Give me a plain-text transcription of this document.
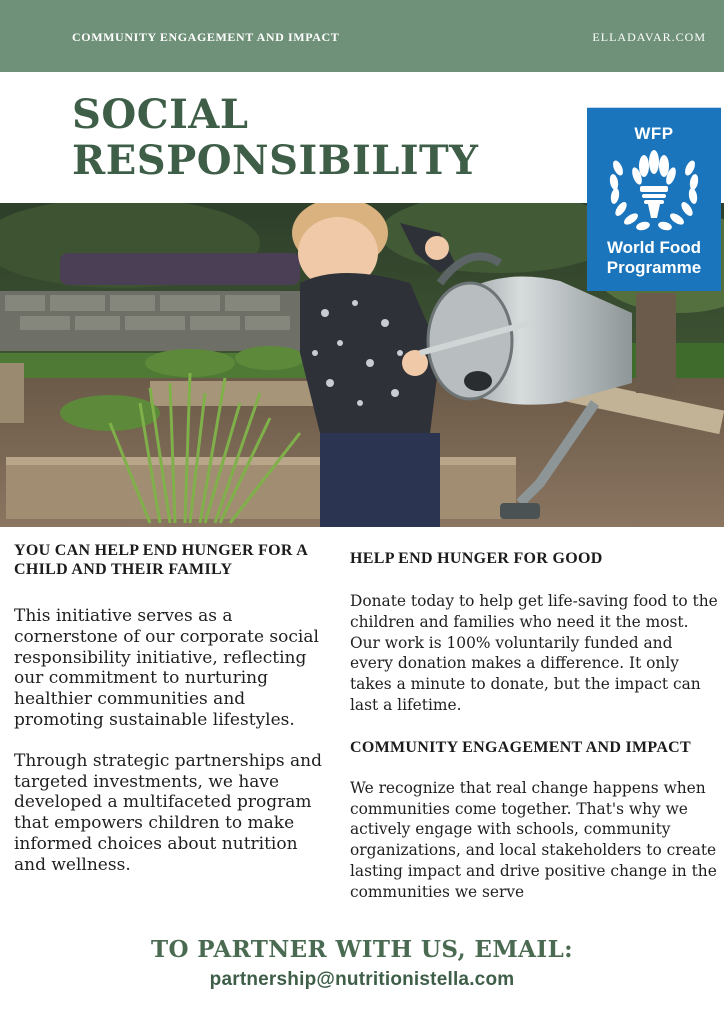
COMMUNITY ENGAGEMENT AND IMPACT	ELLADAVAR.COM
SOCIAL
RESPONSIBILITY
WFP
World Food
Programme
YOU CAN HELP END HUNGER FOR A CHILD AND THEIR FAMILY

This initiative serves as a cornerstone of our corporate social responsibility initiative, reflecting our commitment to nurturing healthier communities and promoting sustainable lifestyles.

Through strategic partnerships and targeted investments, we have developed a multifaceted program that empowers children to make informed choices about nutrition and wellness.

HELP END HUNGER FOR GOOD

Donate today to help get life-saving food to the children and families who need it the most. Our work is 100% voluntarily funded and every donation makes a difference. It only takes a minute to donate, but the impact can last a lifetime.

COMMUNITY ENGAGEMENT AND IMPACT

We recognize that real change happens when communities come together. That's why we actively engage with schools, community organizations, and local stakeholders to create lasting impact and drive positive change in the communities we serve

TO PARTNER WITH US, EMAIL:
partnership@nutritionistella.com
